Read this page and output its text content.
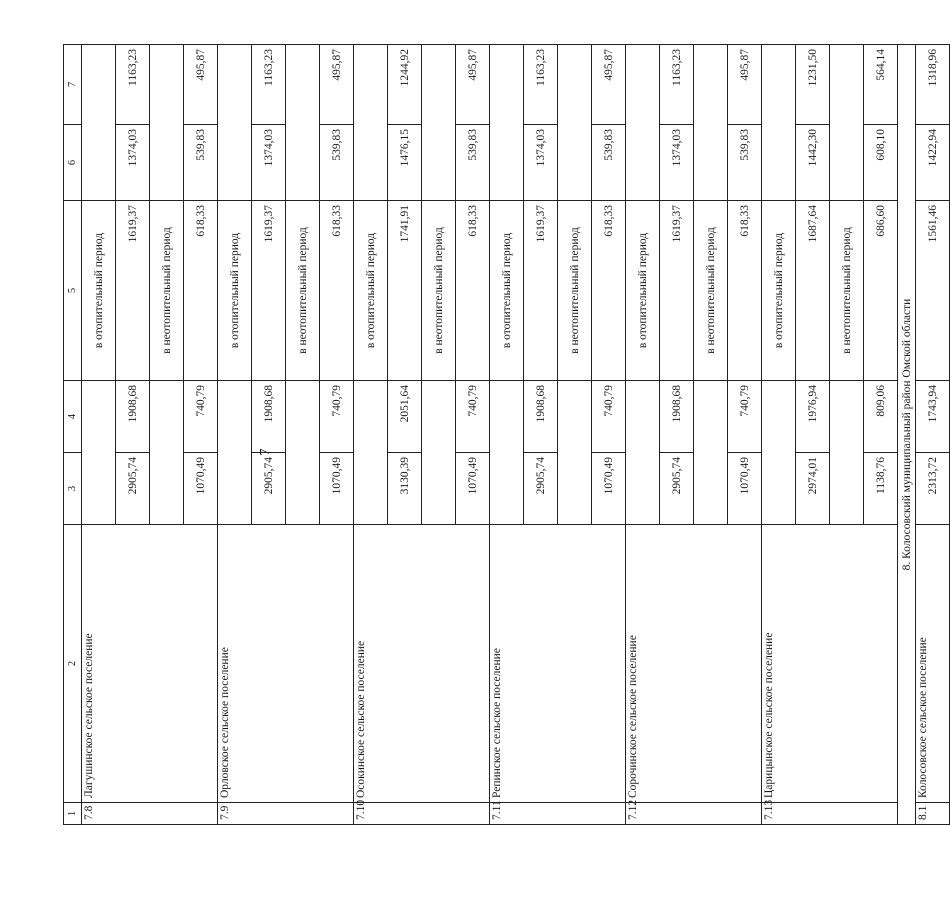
7
1	2	3	4	5	6	7
7.8	Лагушинское сельское поселение			в отопительный период		
		2905,74	1908,68	1619,37	1374,03	1163,23
				в неотопительный период		
		1070,49	740,79	618,33	539,83	495,87
7.9	Орловское сельское поселение			в отопительный период		
		2905,74	1908,68	1619,37	1374,03	1163,23
				в неотопительный период		
		1070,49	740,79	618,33	539,83	495,87
7.10	Осокинское сельское поселение			в отопительный период		
		3130,39	2051,64	1741,91	1476,15	1244,92
				в неотопительный период		
		1070,49	740,79	618,33	539,83	495,87
7.11	Репинское сельское поселение			в отопительный период		
		2905,74	1908,68	1619,37	1374,03	1163,23
				в неотопительный период		
		1070,49	740,79	618,33	539,83	495,87
7.12	Сорочинское сельское поселение			в отопительный период		
		2905,74	1908,68	1619,37	1374,03	1163,23
				в неотопительный период		
		1070,49	740,79	618,33	539,83	495,87
7.13	Царицынское сельское поселение			в отопительный период		
		2974,01	1976,94	1687,64	1442,30	1231,50
				в неотопительный период		
		1138,76	809,06	686,60	608,10	564,14
8. Колосовский муниципальный район Омской области						
8.1	Колосовское сельское поселение	2313,72	1743,94	1561,46	1422,94	1318,96
